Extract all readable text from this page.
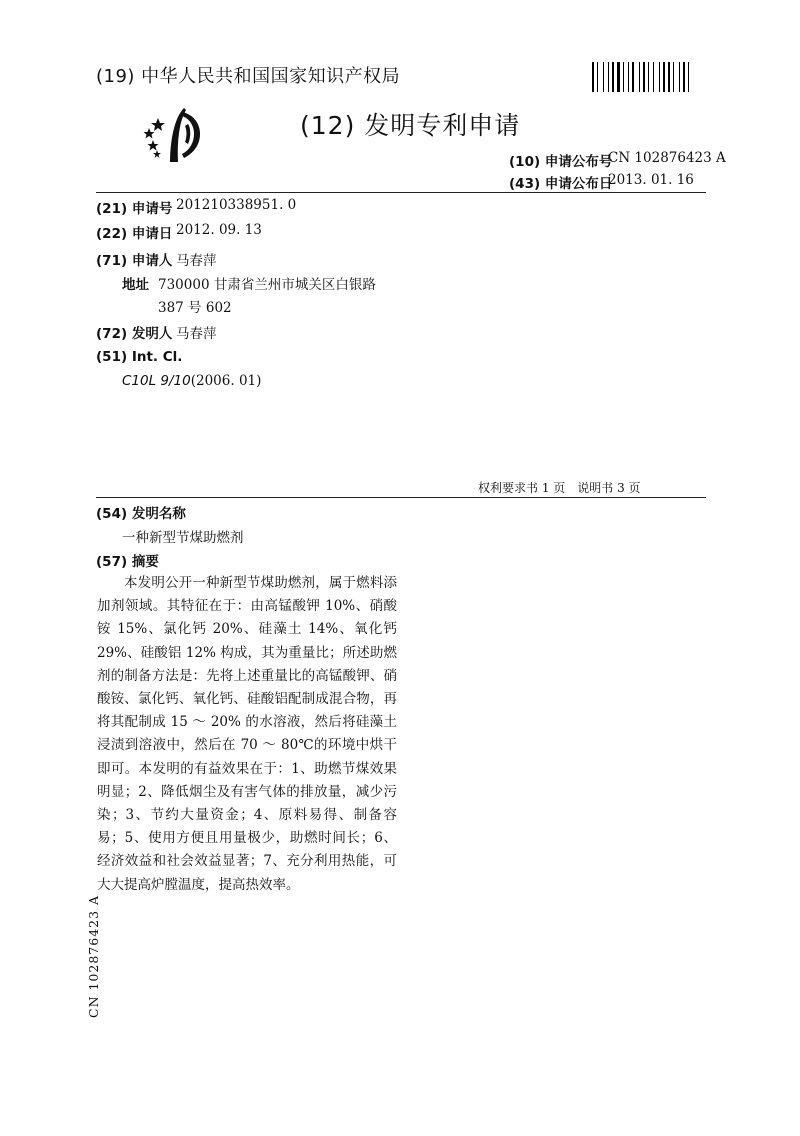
(19) 中华人民共和国国家知识产权局
(12) 发明专利申请
(10) 申请公布号
CN 102876423 A
(43) 申请公布日
2013. 01. 16
(21) 申请号 201210338951. 0
(22) 申请日 2012. 09. 13
(71) 申请人 马春萍
地址 730000 甘肃省兰州市城关区白银路
387 号 602
(72) 发明人 马春萍
(51) Int. Cl.
C10L 9/10(2006. 01)
权利要求书 1 页　说明书 3 页
(54) 发明名称
一种新型节煤助燃剂
(57) 摘要
本发明公开一种新型节煤助燃剂，属于燃料添加剂领域。其特征在于：由高锰酸钾 10%、硝酸铵 15%、氯化钙 20%、硅藻土 14%、氧化钙 29%、硅酸铝 12% 构成，其为重量比；所述助燃剂的制备方法是：先将上述重量比的高锰酸钾、硝酸铵、氯化钙、氧化钙、硅酸铝配制成混合物，再将其配制成 15 ～ 20% 的水溶液，然后将硅藻土浸渍到溶液中，然后在 70 ～ 80℃的环境中烘干即可。本发明的有益效果在于：1、助燃节煤效果明显；2、降低烟尘及有害气体的排放量，减少污染；3、节约大量资金；4、原料易得、制备容易；5、使用方便且用量极少，助燃时间长；6、经济效益和社会效益显著；7、充分利用热能，可大大提高炉膛温度，提高热效率。
CN 102876423 A
